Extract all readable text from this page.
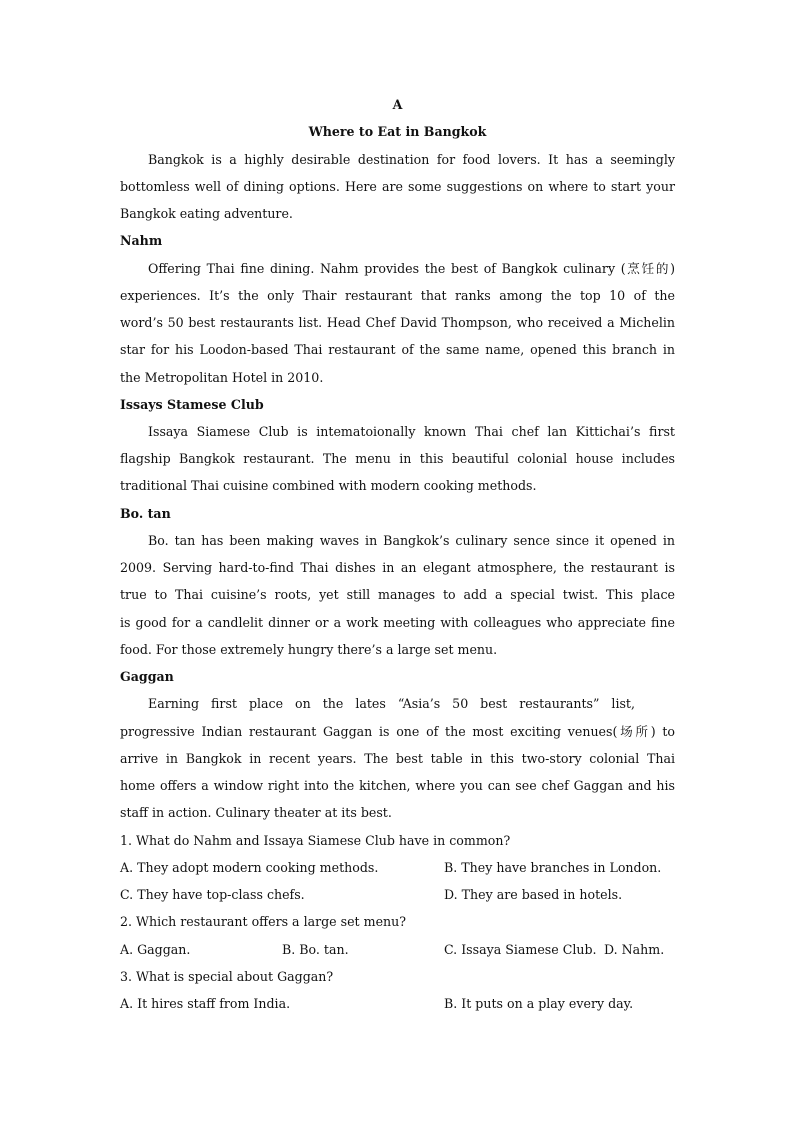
A

Where to Eat in Bangkok

Bangkok is a highly desirable destination for food lovers. It has a seemingly

bottomless well of dining options. Here are some suggestions on where to start your

Bangkok eating adventure.

Nahm

Offering Thai fine dining. Nahm provides the best of Bangkok culinary (烹饪的)

experiences. It’s the only Thair restaurant that ranks among the top 10 of the

word’s 50 best restaurants list. Head Chef David Thompson, who received a Michelin

star for his Loodon-based Thai restaurant of the same name, opened this branch in

the Metropolitan Hotel in 2010.

Issays Stamese Club

Issaya Siamese Club is intematoionally known Thai chef lan Kittichai’s first

flagship Bangkok restaurant. The menu in this beautiful colonial house includes

traditional Thai cuisine combined with modern cooking methods.

Bo. tan

Bo. tan has been making waves in Bangkok’s culinary sence since it opened in

2009. Serving hard-to-find Thai dishes in an elegant atmosphere, the restaurant is

true to Thai cuisine’s roots, yet still manages to add a special twist. This place

is good for a candlelit dinner or a work meeting with colleagues who appreciate fine

food. For those extremely hungry there’s a large set menu.

Gaggan

Earning first place on the lates “Asia’s 50 best restaurants” list,

progressive Indian restaurant Gaggan is one of the most exciting venues(场所) to

arrive in Bangkok in recent years. The best table in this two-story colonial Thai

home offers a window right into the kitchen, where you can see chef Gaggan and his

staff in action. Culinary theater at its best.

1. What do Nahm and Issaya Siamese Club have in common?

A. They adopt modern cooking methods.	B. They have branches in London.
C. They have top-class chefs.	D. They are based in hotels.

2. Which restaurant offers a large set menu?

A. Gaggan.	B. Bo. tan.	C. Issaya Siamese Club. D. Nahm.

3. What is special about Gaggan?

A. It hires staff from India.	B. It puts on a play every day.
